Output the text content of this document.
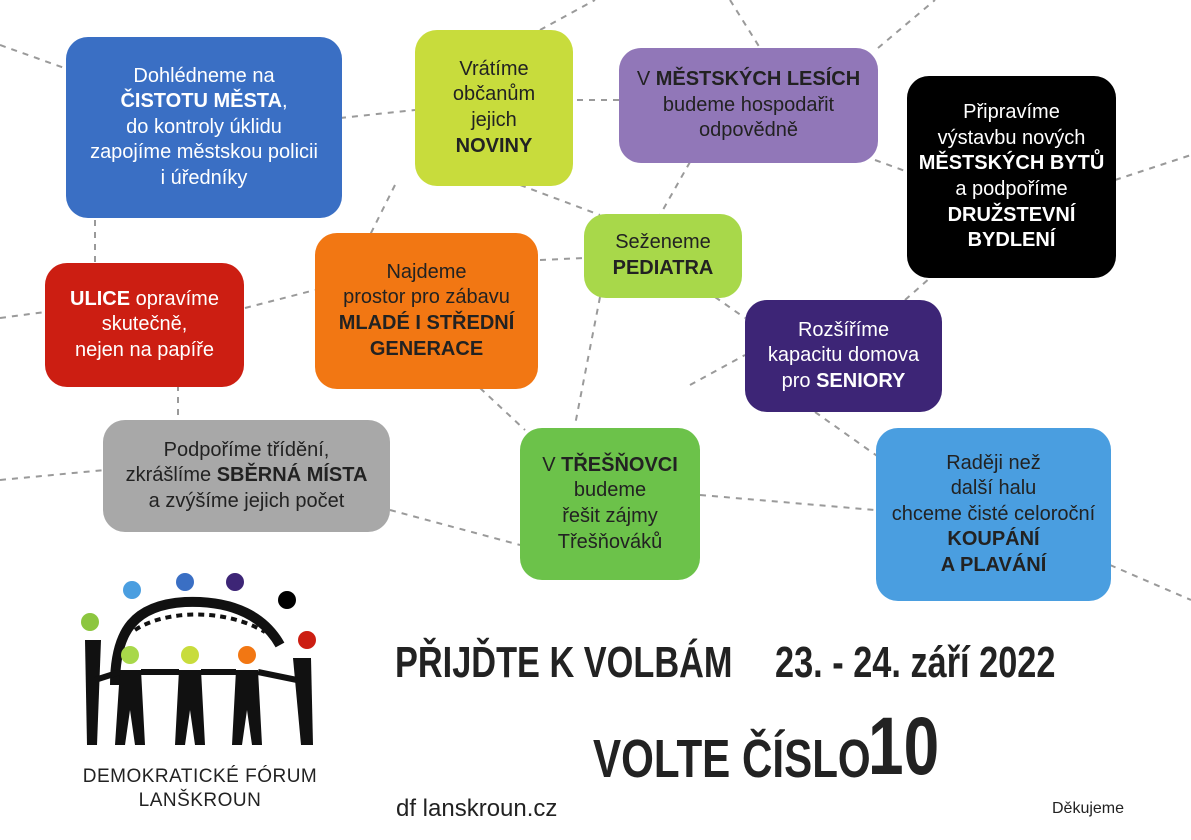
Dohlédneme na
ČISTOTU MĚSTA,
do kontroly úklidu
zapojíme městskou policii
i úředníky
Vrátíme
občanům
jejich
NOVINY
V MĚSTSKÝCH LESÍCH
budeme hospodařit
odpovědně
Připravíme
výstavbu nových
MĚSTSKÝCH BYTŮ
a podpoříme
DRUŽSTEVNÍ
BYDLENÍ
ULICE opravíme
skutečně,
nejen na papíře
Najdeme
prostor pro zábavu
MLADÉ I STŘEDNÍ
GENERACE
Seženeme
PEDIATRA
Rozšíříme
kapacitu domova
pro SENIORY
Podpoříme třídění,
zkrášlíme SBĚRNÁ MÍSTA
a zvýšíme jejich počet
V TŘEŠŇOVCI
budeme
řešit zájmy
Třešňováků
Raději než
další halu
chceme čisté celoroční
KOUPÁNÍ
A PLAVÁNÍ
DEMOKRATICKÉ FÓRUM
LANŠKROUN
PŘIJĎTE K VOLBÁM 23. - 24. září 2022
VOLTE ČÍSLO
10
df lanskroun.cz	Děkujeme
